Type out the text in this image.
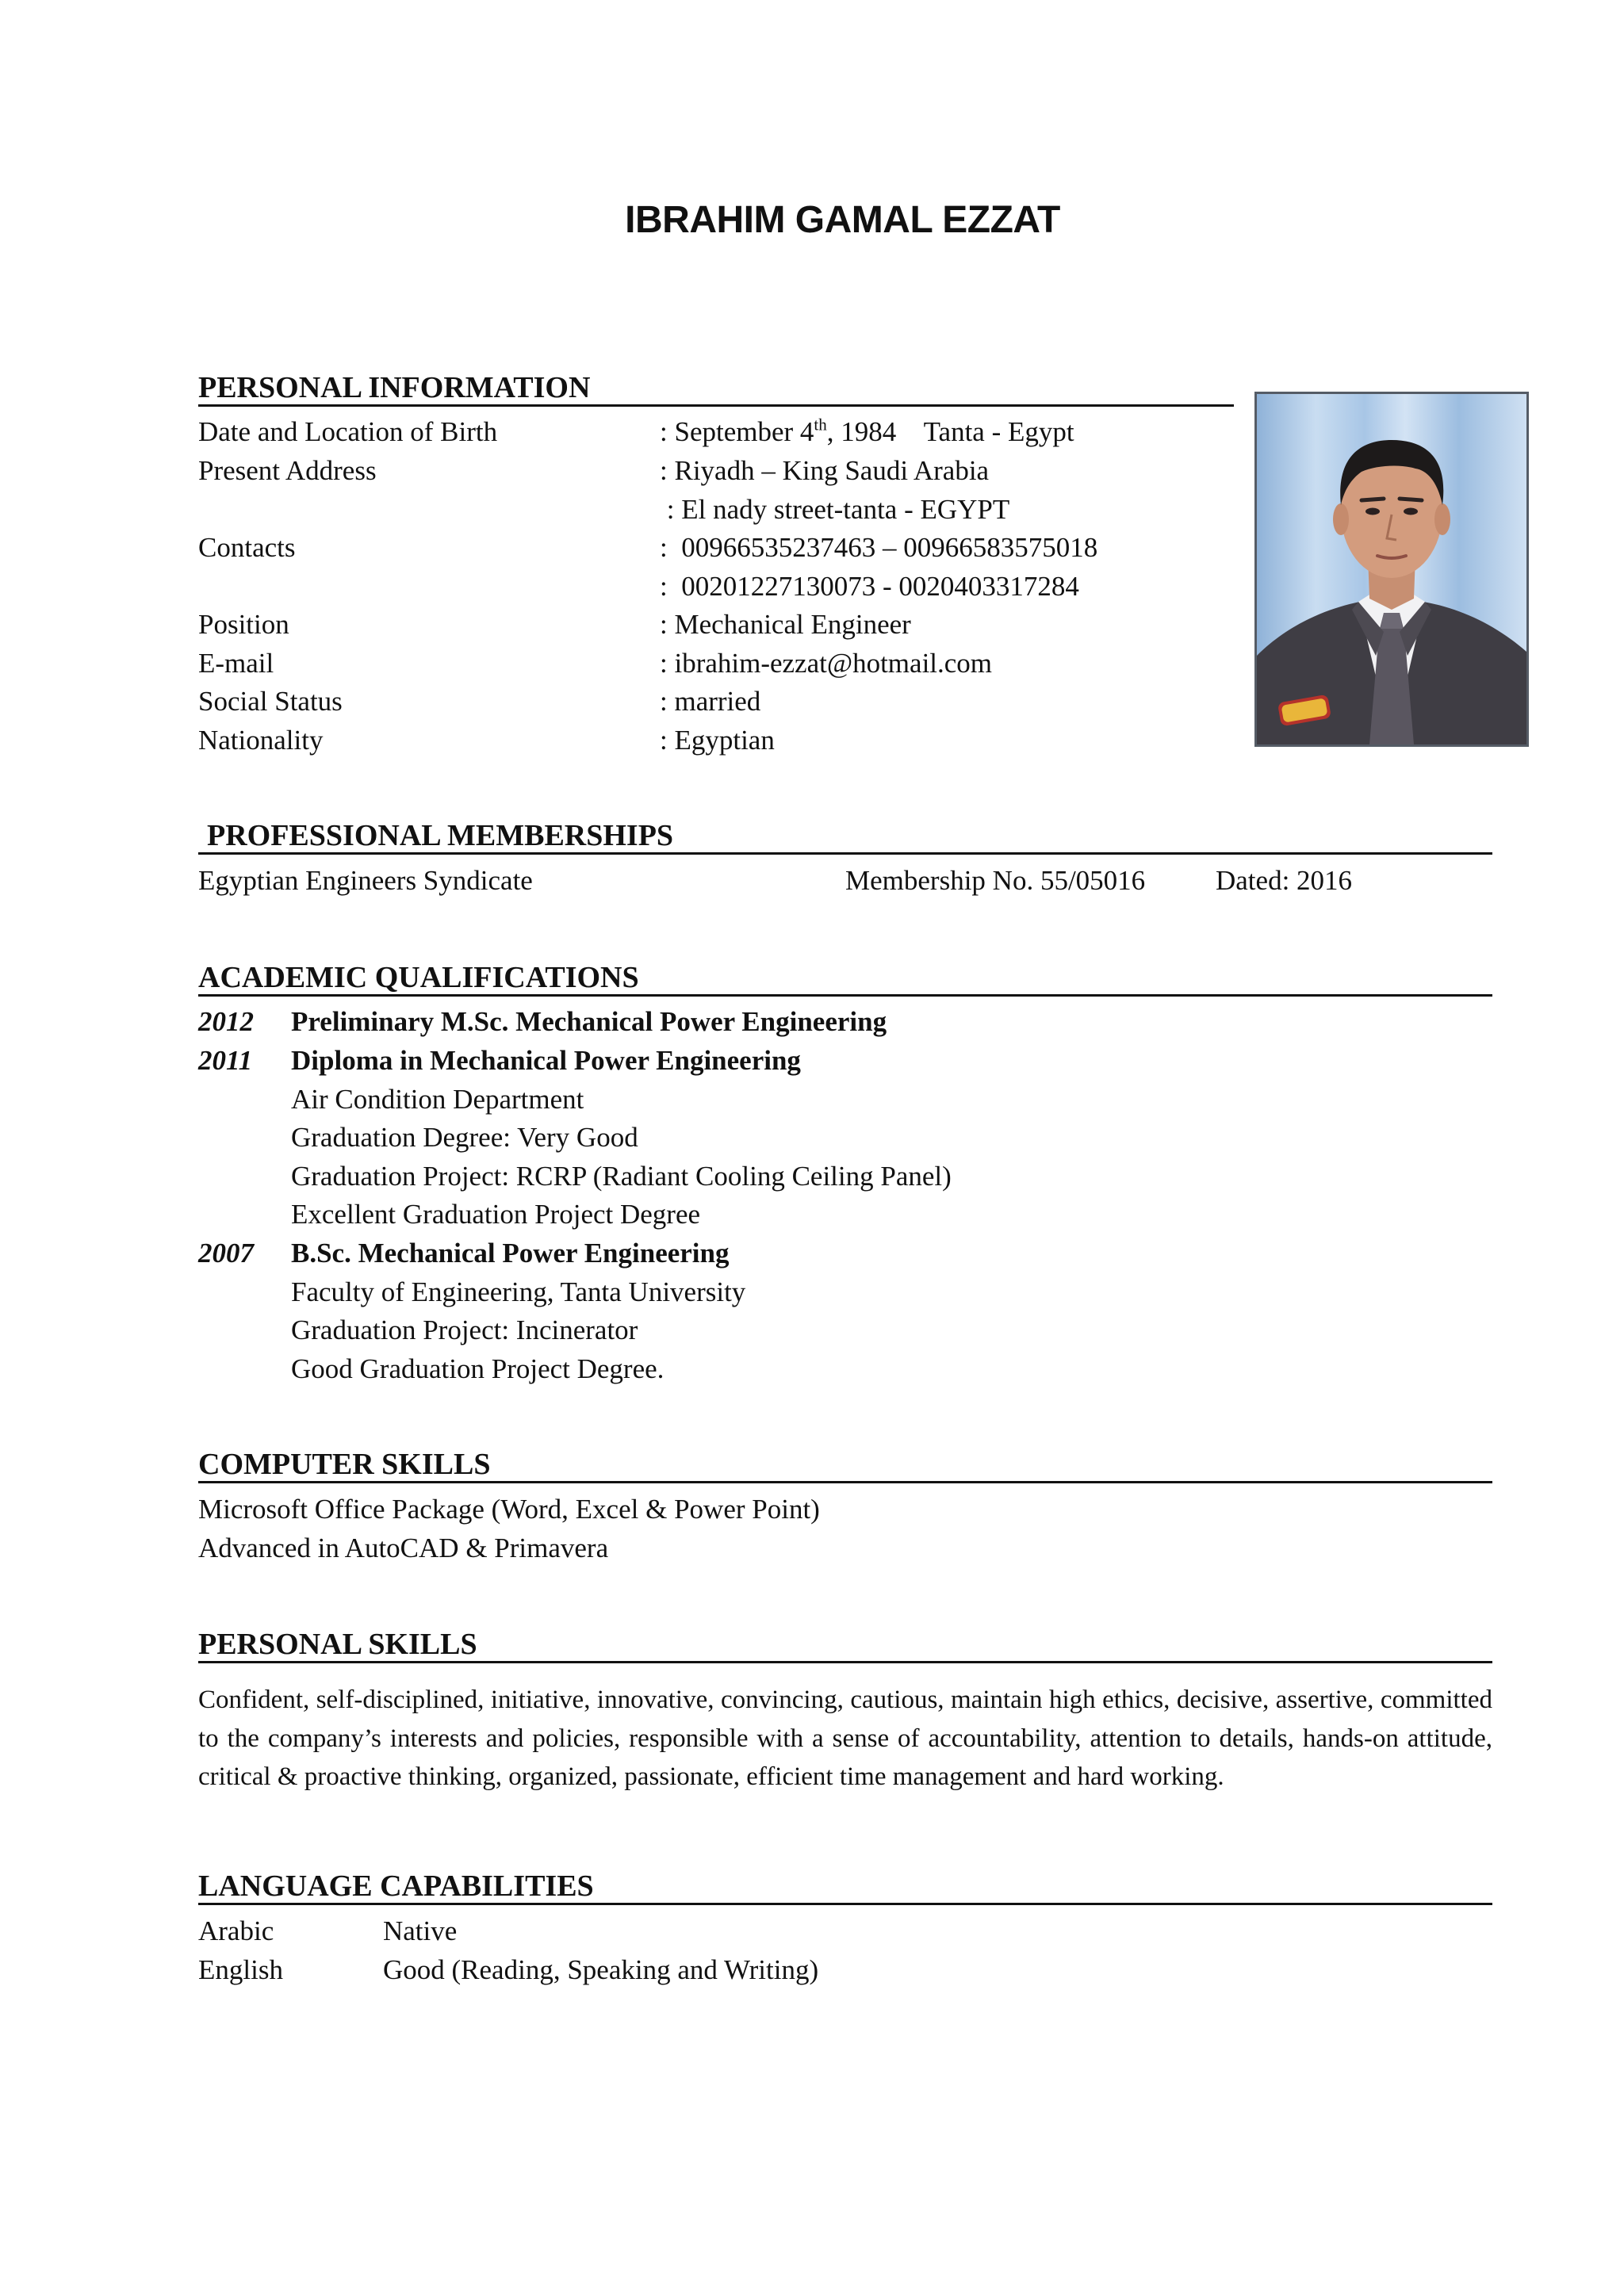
IBRAHIM GAMAL EZZAT
PERSONAL INFORMATION
Date and Location of Birth	: September 4th, 1984    Tanta - Egypt
Present Address	: Riyadh – King Saudi Arabia
: El nady street-tanta - EGYPT
Contacts	:  00966535237463 – 00966583575018
:  00201227130073 - 0020403317284
Position	: Mechanical Engineer
E-mail	: ibrahim-ezzat@hotmail.com
Social Status	: married
Nationality	: Egyptian
PROFESSIONAL MEMBERSHIPS
Egyptian Engineers Syndicate	Membership No. 55/05016	Dated: 2016
ACADEMIC QUALIFICATIONS
2012 Preliminary M.Sc. Mechanical Power Engineering
2011 Diploma in Mechanical Power Engineering
Air Condition Department
Graduation Degree: Very Good
Graduation Project: RCRP (Radiant Cooling Ceiling Panel)
Excellent Graduation Project Degree
2007 B.Sc. Mechanical Power Engineering
Faculty of Engineering, Tanta University
Graduation Project: Incinerator
Good Graduation Project Degree.
COMPUTER SKILLS
Microsoft Office Package (Word, Excel & Power Point)
Advanced in AutoCAD & Primavera
PERSONAL SKILLS

Confident, self-disciplined, initiative, innovative, convincing, cautious, maintain high ethics, decisive, assertive, committed to the company’s interests and policies, responsible with a sense of accountability, attention to details, hands-on attitude, critical & proactive thinking, organized, passionate, efficient time management and hard working.

LANGUAGE CAPABILITIES
Arabic	Native
English	Good (Reading, Speaking and Writing)
